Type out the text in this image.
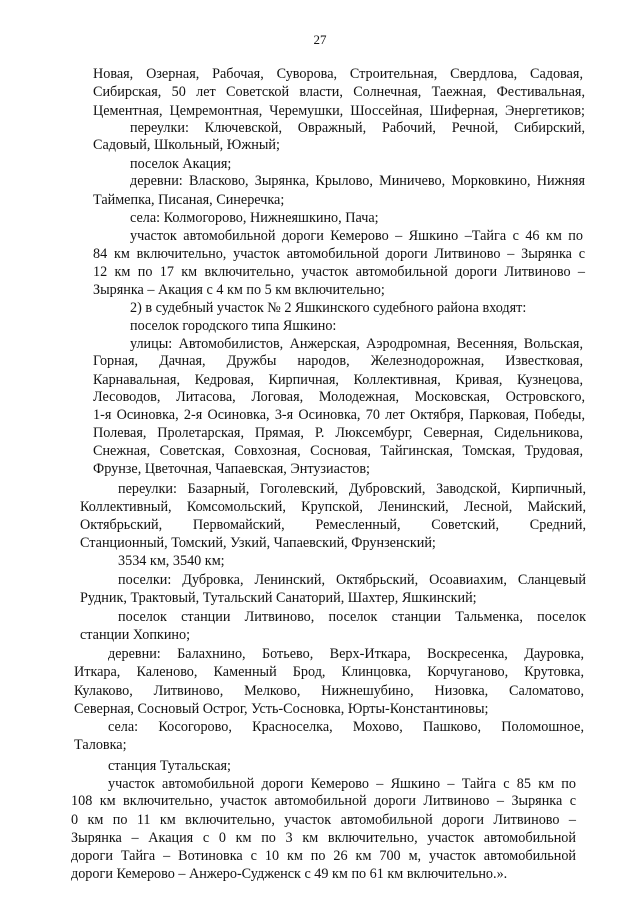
27
Новая, Озерная, Рабочая, Суворова, Строительная, Свердлова, Садовая,
Сибирская, 50 лет Советской власти, Солнечная, Таежная, Фестивальная,
Цементная, Цемремонтная, Черемушки, Шоссейная, Шиферная, Энергетиков;
переулки: Ключевской, Овражный, Рабочий, Речной, Сибирский,
Садовый, Школьный, Южный;
поселок Акация;
деревни: Власково, Зырянка, Крылово, Миничево, Морковкино, Нижняя
Таймепка, Писаная, Синеречка;
села: Колмогорово, Нижнеяшкино, Пача;
участок автомобильной дороги Кемерово – Яшкино –Тайга с 46 км по
84 км включительно, участок автомобильной дороги Литвиново – Зырянка с
12 км по 17 км включительно, участок автомобильной дороги Литвиново –
Зырянка – Акация с 4 км по 5 км включительно;
2) в судебный участок № 2 Яшкинского судебного района входят:
поселок городского типа Яшкино:
улицы: Автомобилистов, Анжерская, Аэродромная, Весенняя, Вольская,
Горная, Дачная, Дружбы народов, Железнодорожная, Известковая,
Карнавальная, Кедровая, Кирпичная, Коллективная, Кривая, Кузнецова,
Лесоводов, Литасова, Логовая, Молодежная, Московская, Островского,
1-я Осиновка, 2-я Осиновка, 3-я Осиновка, 70 лет Октября, Парковая, Победы,
Полевая, Пролетарская, Прямая, Р. Люксембург, Северная, Сидельникова,
Снежная, Советская, Совхозная, Сосновая, Тайгинская, Томская, Трудовая,
Фрунзе, Цветочная, Чапаевская, Энтузиастов;
переулки: Базарный, Гоголевский, Дубровский, Заводской, Кирпичный,
Коллективный, Комсомольский, Крупской, Ленинский, Лесной, Майский,
Октябрьский, Первомайский, Ремесленный, Советский, Средний,
Станционный, Томский, Узкий, Чапаевский, Фрунзенский;
3534 км, 3540 км;
поселки: Дубровка, Ленинский, Октябрьский, Осоавиахим, Сланцевый
Рудник, Трактовый, Тутальский Санаторий, Шахтер, Яшкинский;
поселок станции Литвиново, поселок станции Тальменка, поселок
станции Хопкино;
деревни: Балахнино, Ботьево, Верх-Иткара, Воскресенка, Дауровка,
Иткара, Каленово, Каменный Брод, Клинцовка, Корчуганово, Крутовка,
Кулаково, Литвиново, Мелково, Нижнешубино, Низовка, Саломатово,
Северная, Сосновый Острог, Усть-Сосновка, Юрты-Константиновы;
села: Косогорово, Красноселка, Мохово, Пашково, Поломошное,
Таловка;
станция Тутальская;
участок автомобильной дороги Кемерово – Яшкино – Тайга с 85 км по
108 км включительно, участок автомобильной дороги Литвиново – Зырянка с
0 км по 11 км включительно, участок автомобильной дороги Литвиново –
Зырянка – Акация с 0 км по 3 км включительно, участок автомобильной
дороги Тайга – Вотиновка с 10 км по 26 км 700 м, участок автомобильной
дороги Кемерово – Анжеро-Судженск с 49 км по 61 км включительно.».
